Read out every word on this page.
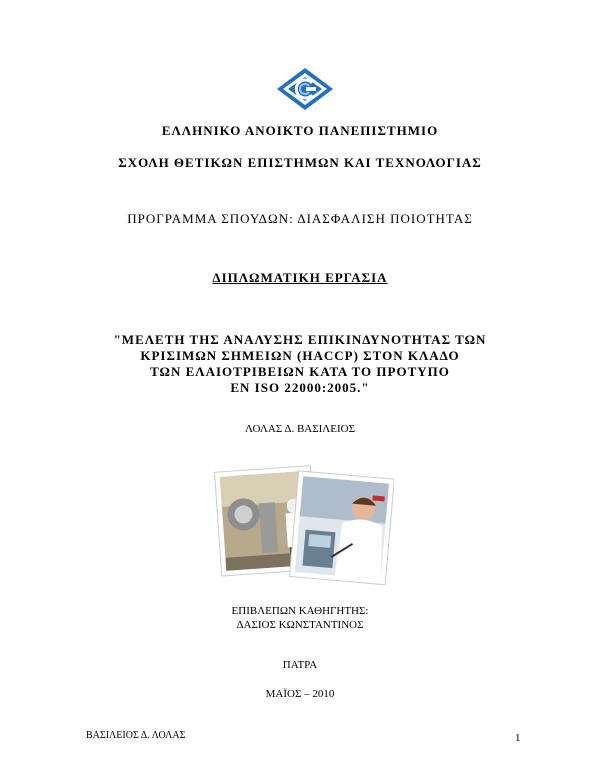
ΕΛΛΗΝΙΚΟ ΑΝΟΙΚΤΟ ΠΑΝΕΠΙΣΤΗΜΙΟ
ΣΧΟΛΗ ΘΕΤΙΚΩΝ ΕΠΙΣΤΗΜΩΝ ΚΑΙ ΤΕΧΝΟΛΟΓΙΑΣ
ΠΡΟΓΡΑΜΜΑ ΣΠΟΥΔΩΝ: ΔΙΑΣΦΑΛΙΣΗ ΠΟΙΟΤΗΤΑΣ
ΔΙΠΛΩΜΑΤΙΚΗ ΕΡΓΑΣΙΑ
"ΜΕΛΕΤΗ ΤΗΣ ΑΝΑΛΥΣΗΣ ΕΠΙΚΙΝΔΥΝΟΤΗΤΑΣ ΤΩΝ
ΚΡΙΣΙΜΩΝ ΣΗΜΕΙΩΝ (HACCP) ΣΤΟΝ ΚΛΑΔΟ
ΤΩΝ ΕΛΑΙΟΤΡΙΒΕΙΩΝ ΚΑΤΑ ΤΟ ΠΡΟΤΥΠΟ
EN ISO 22000:2005."
ΛΟΛΑΣ Δ. ΒΑΣΙΛΕΙΟΣ
ΕΠΙΒΛΕΠΩΝ ΚΑΘΗΓΗΤΗΣ:
ΔΑΣΙΟΣ ΚΩΝΣΤΑΝΤΙΝΟΣ
ΠΑΤΡΑ
ΜΑΪΟΣ – 2010
ΒΑΣΙΛΕΙΟΣ Δ. ΛΟΛΑΣ	1
